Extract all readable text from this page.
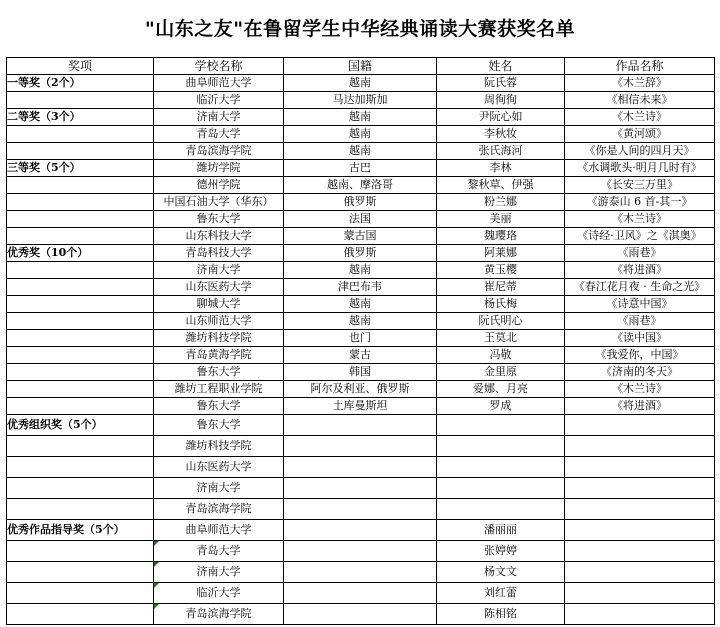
"山东之友"在鲁留学生中华经典诵读大赛获奖名单
奖项	学校名称	国籍	姓名	作品名称
一等奖（2个）	曲阜师范大学	越南	阮氏蓉	《木兰辞》
	临沂大学	马达加斯加	周徇徇	《相信未来》
二等奖（3个）	济南大学	越南	尹阮心如	《木兰诗》
	青岛大学	越南	李秋妆	《黄河颂》
	青岛滨海学院	越南	张氏海河	《你是人间的四月天》
三等奖（5个）	潍坊学院	古巴	李林	《水调歌头·明月几时有》
	德州学院	越南、摩洛哥	黎秋草、伊强	《长安三万里》
	中国石油大学（华东）	俄罗斯	粉兰娜	《游泰山 6 首-其一》
	鲁东大学	法国	美丽	《木兰诗》
	山东科技大学	蒙古国	魏璎珞	《诗经·卫风》之《淇奥》
优秀奖（10个）	青岛科技大学	俄罗斯	阿莱娜	《雨巷》
	济南大学	越南	黄玉樱	《将进酒》
	山东医药大学	津巴布韦	崔尼蒂	《春江花月夜 · 生命之光》
	聊城大学	越南	杨氏梅	《诗意中国》
	山东师范大学	越南	阮氏明心	《雨巷》
	潍坊科技学院	也门	王莫北	《读中国》
	青岛黄海学院	蒙古	冯敬	《我爱你，中国》
	鲁东大学	韩国	金里原	《济南的冬天》
	潍坊工程职业学院	阿尔及利亚、俄罗斯	爱娜、月亮	《木兰诗》
	鲁东大学	土库曼斯坦	罗成	《将进酒》
优秀组织奖（5个）	鲁东大学			
	潍坊科技学院			
	山东医药大学			
	济南大学			
	青岛滨海学院			
优秀作品指导奖（5个）	曲阜师范大学		潘丽丽	
	青岛大学		张婷婷	
	济南大学		杨文文	
	临沂大学		刘红蕾	
	青岛滨海学院		陈相铭	
